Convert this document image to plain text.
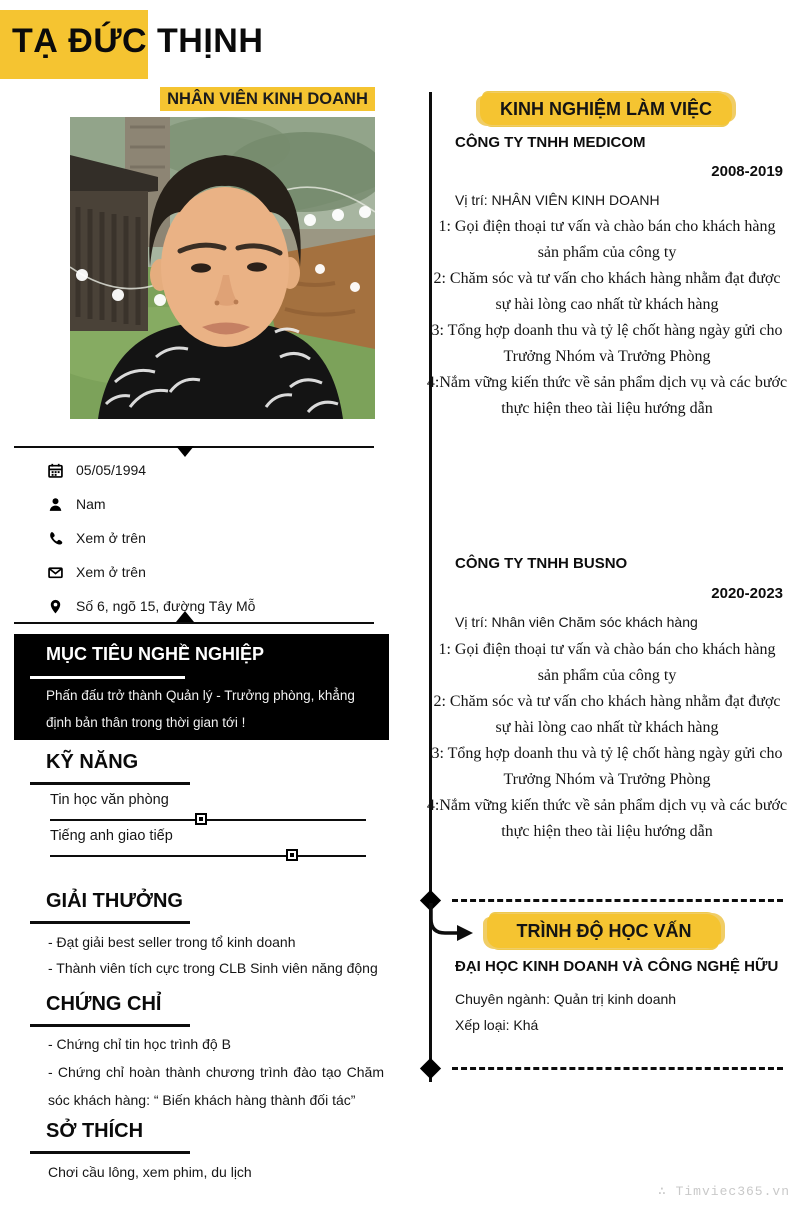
TẠ ĐỨC THỊNH
NHÂN VIÊN KINH DOANH
05/05/1994
Nam
Xem ở trên
Xem ở trên
Số 6, ngõ 15, đường Tây Mỗ
MỤC TIÊU NGHỀ NGHIỆP
Phấn đấu trở thành Quản lý - Trưởng phòng, khẳng định bản thân trong thời gian tới !
KỸ NĂNG
Tin học văn phòng
Tiếng anh giao tiếp
GIẢI THƯỞNG
- Đạt giải best seller trong tổ kinh doanh
- Thành viên tích cực trong CLB Sinh viên năng động
CHỨNG CHỈ
- Chứng chỉ tin học trình độ B
- Chứng chỉ hoàn thành chương trình đào tạo Chăm sóc khách hàng: “ Biến khách hàng thành đối tác”
SỞ THÍCH
Chơi cầu lông, xem phim, du lịch
KINH NGHIỆM LÀM VIỆC
CÔNG TY TNHH MEDICOM
2008-2019
Vị trí: NHÂN VIÊN KINH DOANH
1: Gọi điện thoại tư vấn và chào bán cho khách hàng sản phẩm của công ty
2: Chăm sóc và tư vấn cho khách hàng nhằm đạt được sự hài lòng cao nhất từ khách hàng
3: Tổng hợp doanh thu và tỷ lệ chốt hàng ngày gửi cho Trưởng Nhóm và Trưởng Phòng
4:Nắm vững kiến thức về sản phẩm dịch vụ và các bước thực hiện theo tài liệu hướng dẫn
CÔNG TY TNHH BUSNO
2020-2023
Vị trí: Nhân viên Chăm sóc khách hàng
1: Gọi điện thoại tư vấn và chào bán cho khách hàng sản phẩm của công ty
2: Chăm sóc và tư vấn cho khách hàng nhằm đạt được sự hài lòng cao nhất từ khách hàng
3: Tổng hợp doanh thu và tỷ lệ chốt hàng ngày gửi cho Trưởng Nhóm và Trưởng Phòng
4:Nắm vững kiến thức về sản phẩm dịch vụ và các bước thực hiện theo tài liệu hướng dẫn
TRÌNH ĐỘ HỌC VẤN
ĐẠI HỌC KINH DOANH VÀ CÔNG NGHỆ HỮU
Chuyên ngành: Quản trị kinh doanh
Xếp loại: Khá
∴ Timviec365.vn
